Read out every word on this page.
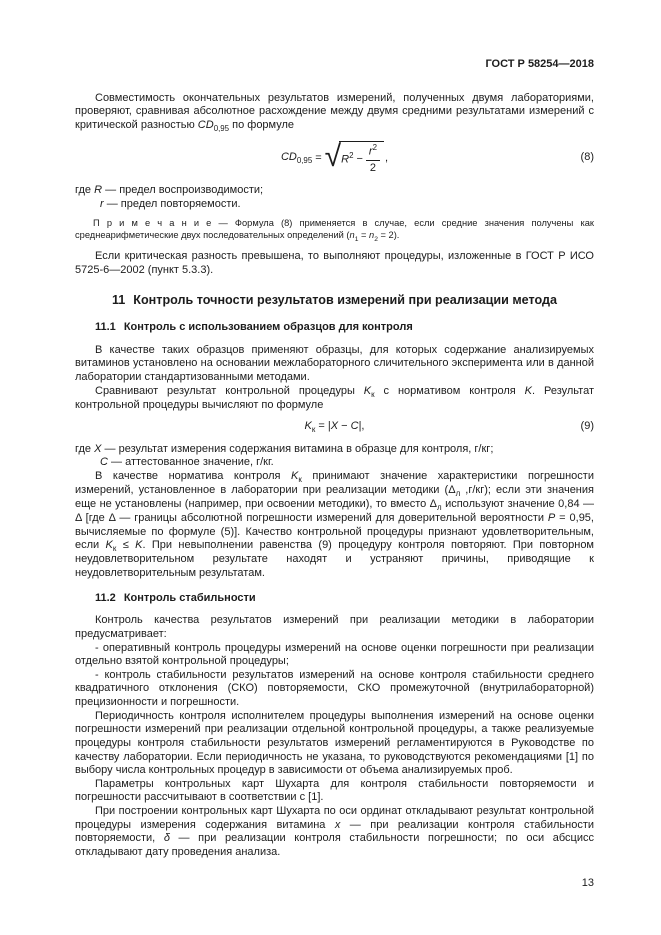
ГОСТ Р 58254—2018

Совместимость окончательных результатов измерений, полученных двумя лабораториями, проверяют, сравнивая абсолютное расхождение между двумя средними результатами измерений с критической разностью $CD_{0,95}$ по формуле

$CD_{0,95}$ = √ $R^2 - \frac{r^2}{2}$ ,	(8)

где R — предел воспроизводимости;

r — предел повторяемости.

П р и м е ч а н и е — Формула (8) применяется в случае, если средние значения получены как среднеарифметические двух последовательных определений $(n_1 = n_2 = 2)$.

Если критическая разность превышена, то выполняют процедуры, изложенные в ГОСТ Р ИСО 5725-6—2002 (пункт 5.3.3).

11 Контроль точности результатов измерений при реализации метода
11.1 Контроль с использованием образцов для контроля

В качестве таких образцов применяют образцы, для которых содержание анализируемых витаминов установлено на основании межлабораторного сличительного эксперимента или в данной лаборатории стандартизованными методами.

Сравнивают результат контрольной процедуры $K_к$ с нормативом контроля K. Результат контрольной процедуры вычисляют по формуле

$K_к = |X - C|$,	(9)

где X — результат измерения содержания витамина в образце для контроля, г/кг;

С — аттестованное значение, г/кг.

В качестве норматива контроля $K_к$ принимают значение характеристики погрешности измерений, установленное в лаборатории при реализации методики ($\Delta_л$ ,г/кг); если эти значения еще не установлены (например, при освоении методики), то вместо $\Delta_л$ используют значение 0,84 — Δ [где Δ — границы абсолютной погрешности измерений для доверительной вероятности P = 0,95, вычисляемые по формуле (5)]. Качество контрольной процедуры признают удовлетворительным, если $K_к \le K$. При невыполнении равенства (9) процедуру контроля повторяют. При повторном неудовлетворительном результате находят и устраняют причины, приводящие к неудовлетворительным результатам.

11.2 Контроль стабильности

Контроль качества результатов измерений при реализации методики в лаборатории предусматривает:

- оперативный контроль процедуры измерений на основе оценки погрешности при реализации отдельно взятой контрольной процедуры;

- контроль стабильности результатов измерений на основе контроля стабильности среднего квадратичного отклонения (СКО) повторяемости, СКО промежуточной (внутрилабораторной) прецизионности и погрешности.

Периодичность контроля исполнителем процедуры выполнения измерений на основе оценки погрешности измерений при реализации отдельной контрольной процедуры, а также реализуемые процедуры контроля стабильности результатов измерений регламентируются в Руководстве по качеству лаборатории. Если периодичность не указана, то руководствуются рекомендациями [1] по выбору числа контрольных процедур в зависимости от объема анализируемых проб.

Параметры контрольных карт Шухарта для контроля стабильности повторяемости и погрешности рассчитывают в соответствии с [1].

При построении контрольных карт Шухарта по оси ординат откладывают результат контрольной процедуры измерения содержания витамина x — при реализации контроля стабильности повторяемости, δ — при реализации контроля стабильности погрешности; по оси абсцисс откладывают дату проведения анализа.

13
